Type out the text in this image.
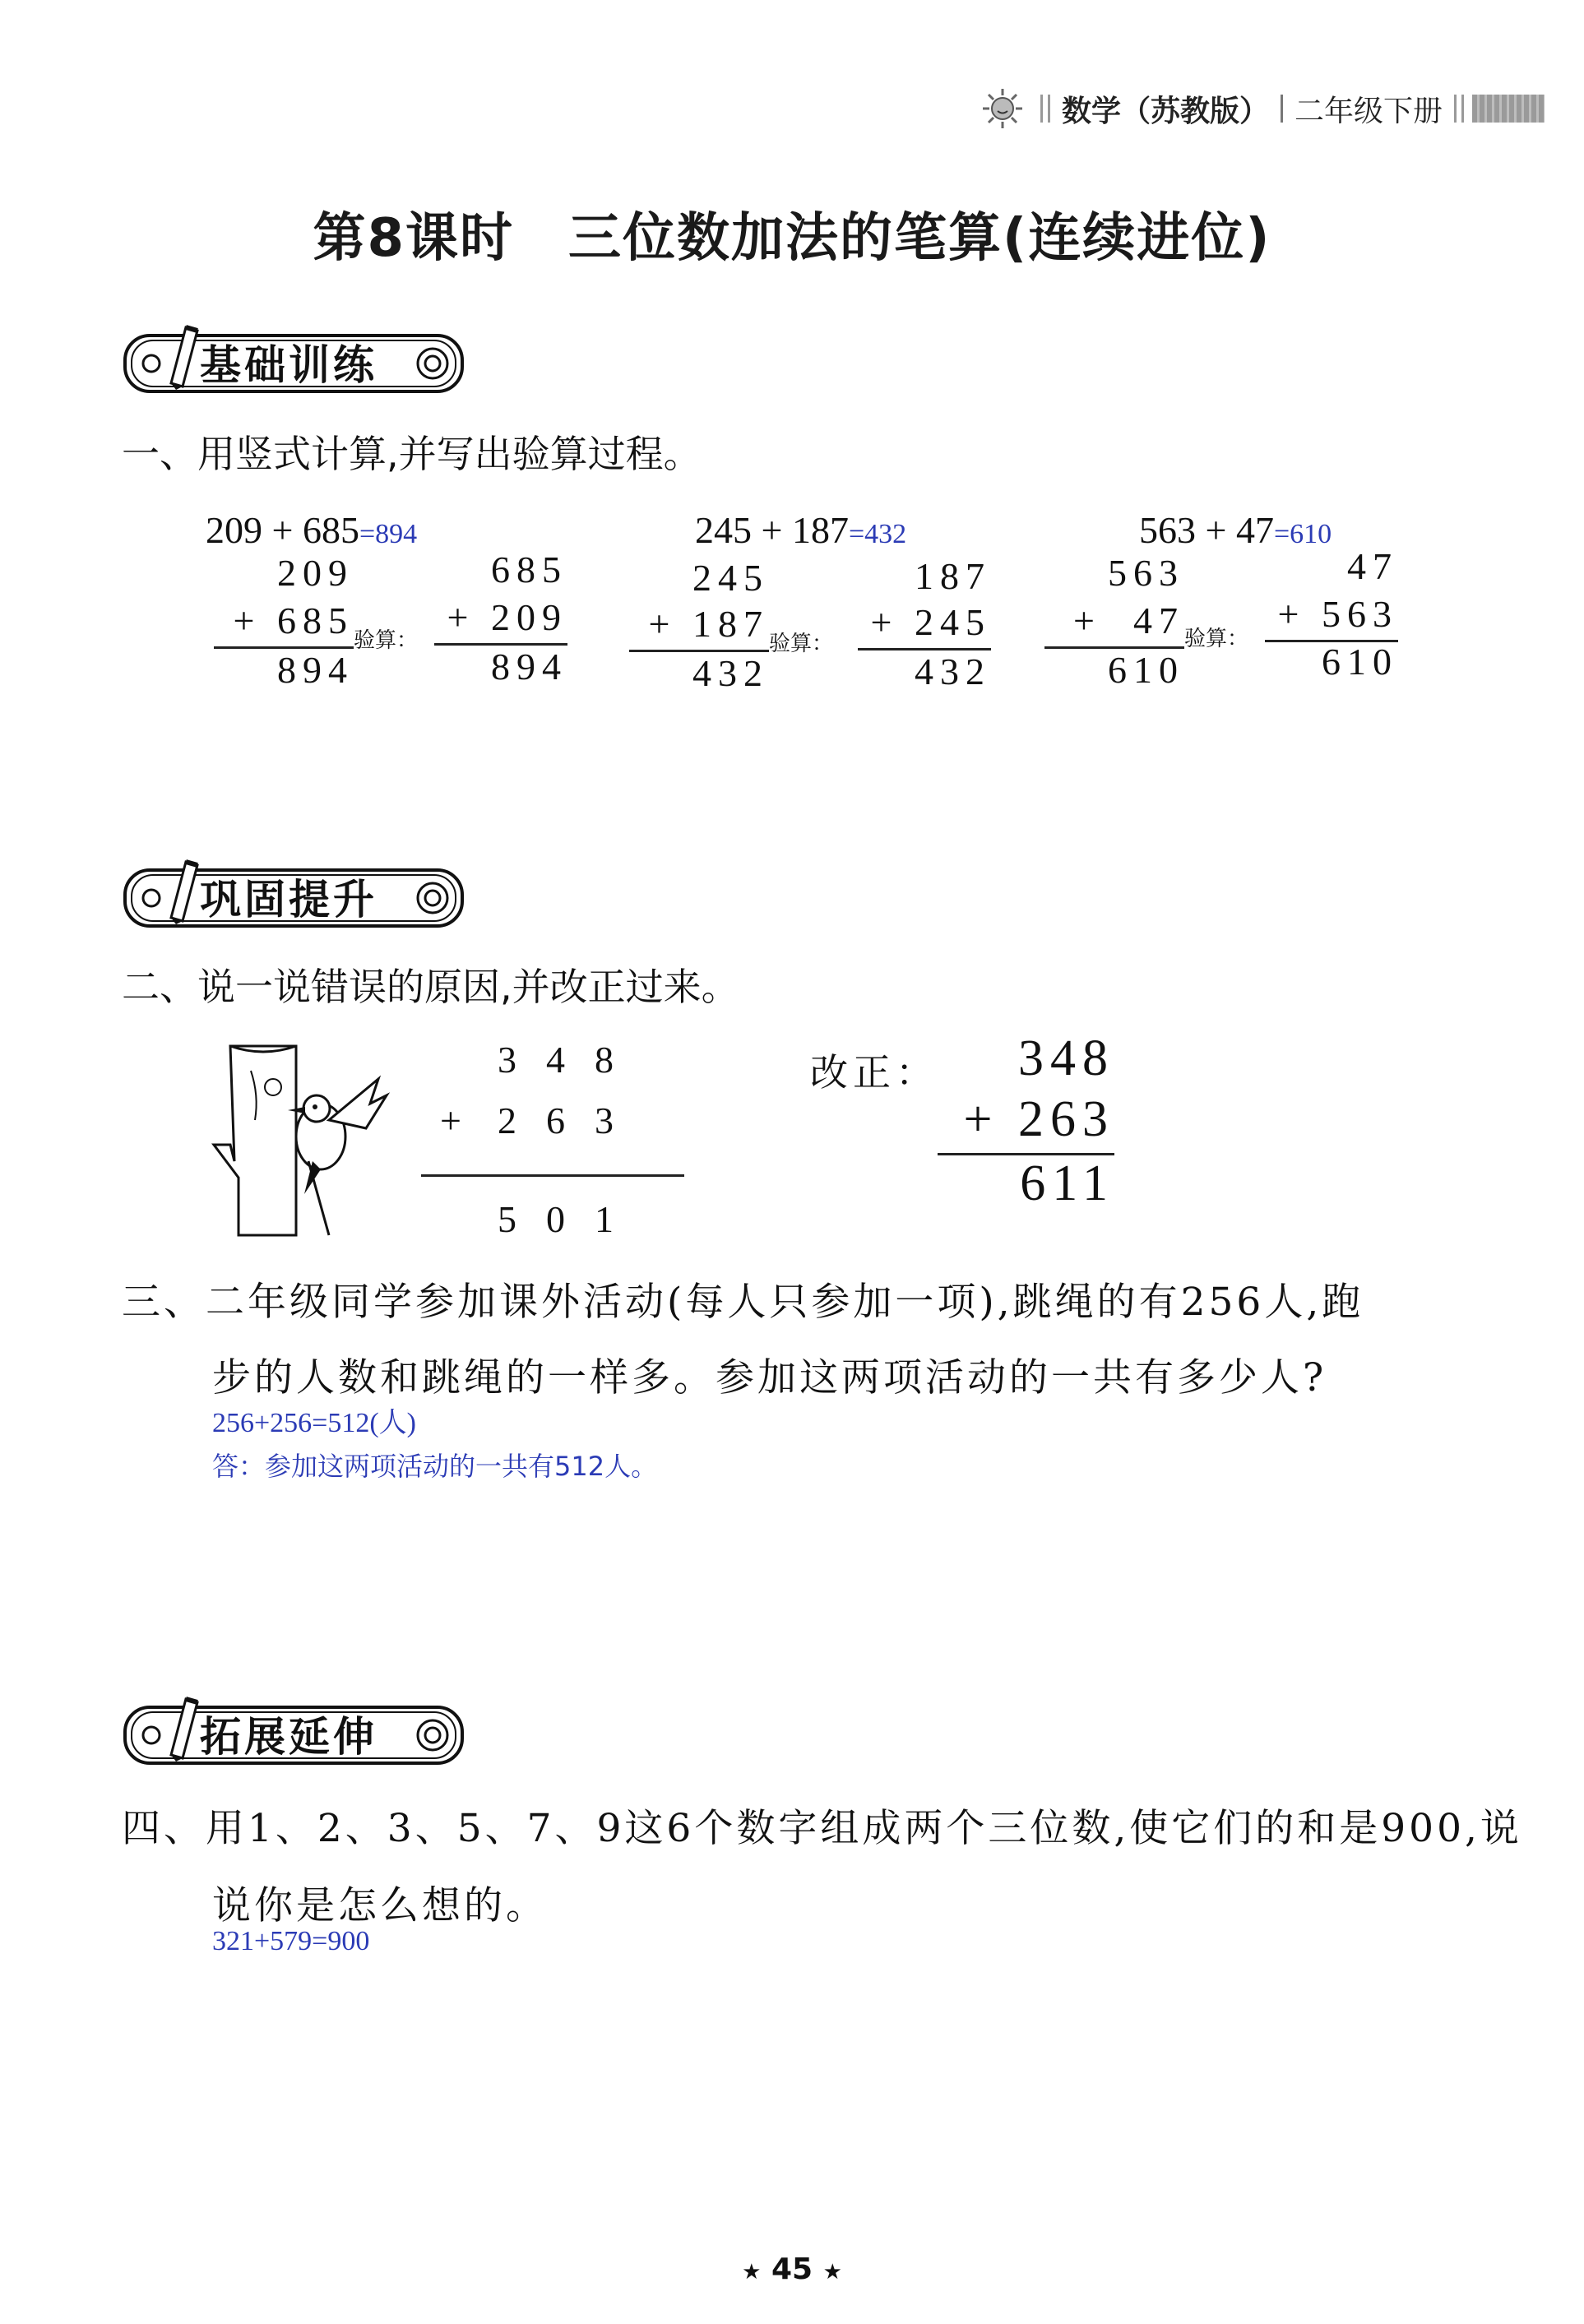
数学（苏教版） 二年级下册
第8课时　三位数加法的笔算(连续进位)
基础训练
一、用竖式计算,并写出验算过程。
209 + 685=894
209
+ 685
894
验算：
685
+ 209
894
245 + 187=432
245
+ 187
432
验算：
187
+ 245
432
563 + 47=610
563
+  47
610
验算：
47
+ 563
610
巩固提升
二、说一说错误的原因,并改正过来。
348
+ 263
501
改正：	348
+ 263
611
三、二年级同学参加课外活动(每人只参加一项),跳绳的有256人,跑
步的人数和跳绳的一样多。参加这两项活动的一共有多少人?
256+256=512(人)
答：参加这两项活动的一共有512人。
拓展延伸
四、用1、2、3、5、7、9这6个数字组成两个三位数,使它们的和是900,说
说你是怎么想的。
321+579=900
★ 45 ★
